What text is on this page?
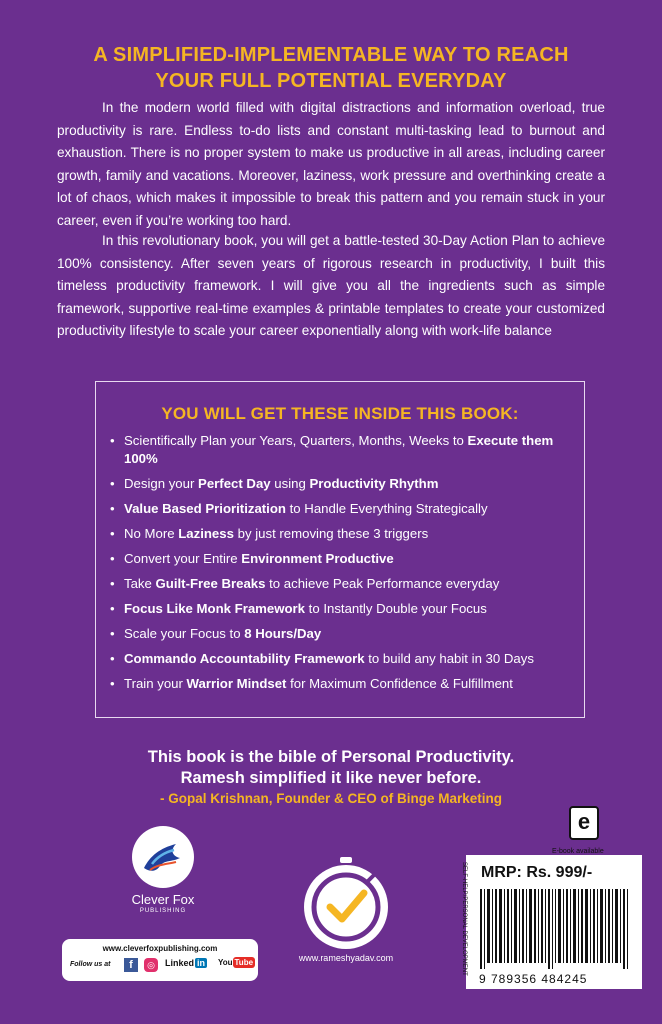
A SIMPLIFIED-IMPLEMENTABLE WAY TO REACH
YOUR FULL POTENTIAL EVERYDAY
In the modern world filled with digital distractions and information overload, true productivity is rare. Endless to-do lists and constant multi-tasking lead to burnout and exhaustion. There is no proper system to make us productive in all areas, including career growth, family and vacations. Moreover, laziness, work pressure and overthinking create a lot of chaos, which makes it impossible to break this pattern and you remain stuck in your career, even if you’re working too hard.
In this revolutionary book, you will get a battle-tested 30-Day Action Plan to achieve 100% consistency. After seven years of rigorous research in productivity, I built this timeless productivity framework. I will give you all the ingredients such as simple framework, supportive real-time examples & printable templates to create your customized productivity lifestyle to scale your career exponentially along with work-life balance
YOU WILL GET THESE INSIDE THIS BOOK:
• Scientifically Plan your Years, Quarters, Months, Weeks to Execute them 100%
• Design your Perfect Day using Productivity Rhythm
• Value Based Prioritization to Handle Everything Strategically
• No More Laziness by just removing these 3 triggers
• Convert your Entire Environment Productive
• Take Guilt-Free Breaks to achieve Peak Performance everyday
• Focus Like Monk Framework to Instantly Double your Focus
• Scale your Focus to 8 Hours/Day
• Commando Accountability Framework to build any habit in 30 Days
• Train your Warrior Mindset for Maximum Confidence & Fulfillment
This book is the bible of Personal Productivity.
Ramesh simplified it like never before.
- Gopal Krishnan, Founder & CEO of Binge Marketing
Clever Fox
PUBLISHING
www.cleverfoxpublishing.com
Follow us at	f	◎	Linked in You Tube	www.rameshyadav.com	SELF-HELP/PERSONAL DEVELOPMENT MRP: Rs. 999/-
9 789356 484245
e
E-book available
